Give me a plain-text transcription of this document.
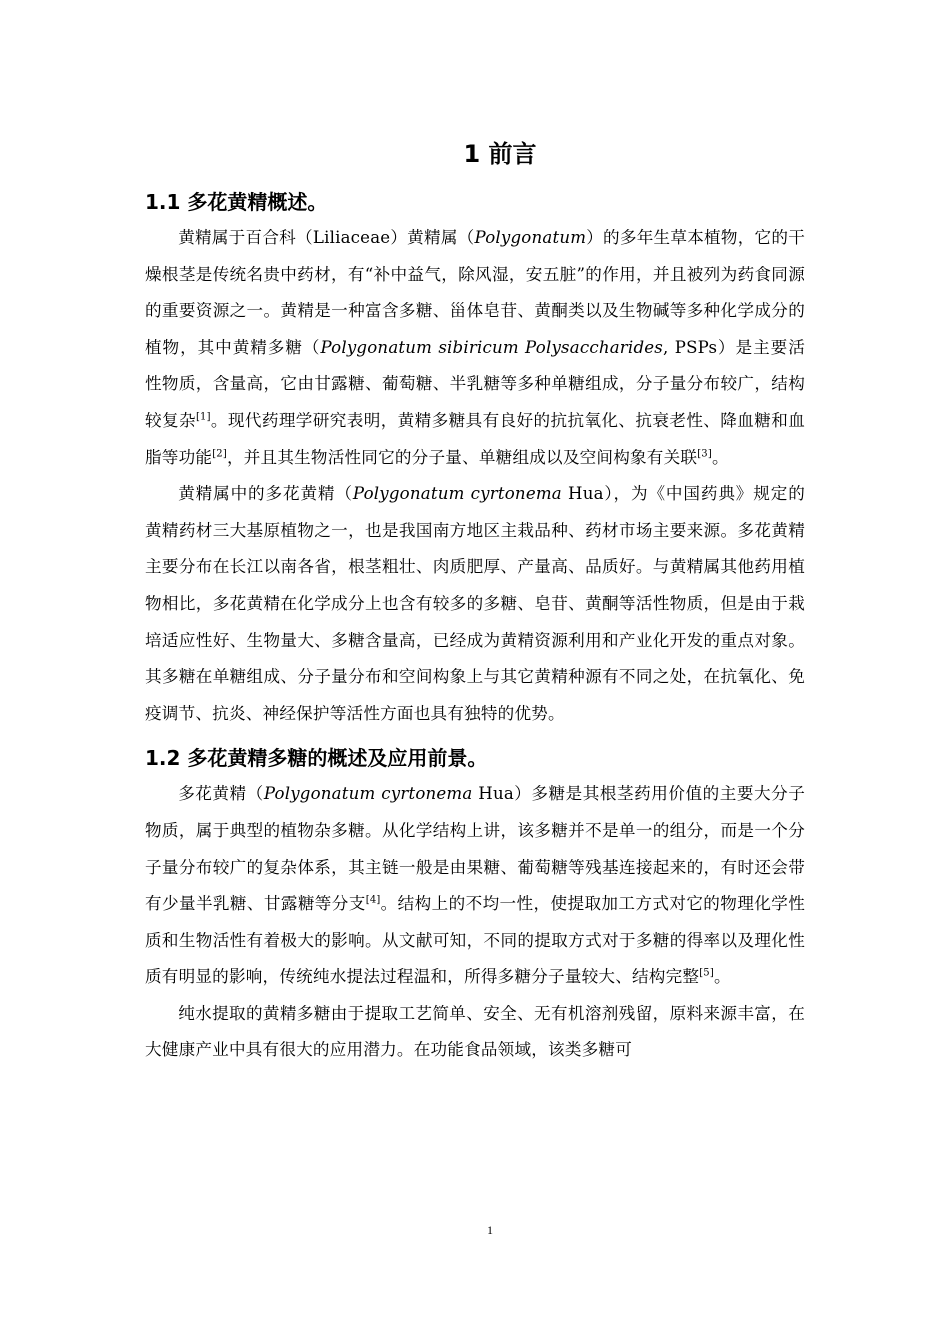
1 前言
1.1 多花黄精概述。

黄精属于百合科（Liliaceae）黄精属（Polygonatum）的多年生草本植物，它的干燥根茎是传统名贵中药材，有“补中益气，除风湿，安五脏”的作用，并且被列为药食同源的重要资源之一。黄精是一种富含多糖、甾体皂苷、黄酮类以及生物碱等多种化学成分的植物，其中黄精多糖（Polygonatum sibiricum Polysaccharides, PSPs）是主要活性物质，含量高，它由甘露糖、葡萄糖、半乳糖等多种单糖组成，分子量分布较广，结构较复杂[1]。现代药理学研究表明，黄精多糖具有良好的抗抗氧化、抗衰老性、降血糖和血脂等功能[2]，并且其生物活性同它的分子量、单糖组成以及空间构象有关联[3]。

黄精属中的多花黄精（Polygonatum cyrtonema Hua），为《中国药典》规定的黄精药材三大基原植物之一，也是我国南方地区主栽品种、药材市场主要来源。多花黄精主要分布在长江以南各省，根茎粗壮、肉质肥厚、产量高、品质好。与黄精属其他药用植物相比，多花黄精在化学成分上也含有较多的多糖、皂苷、黄酮等活性物质，但是由于栽培适应性好、生物量大、多糖含量高，已经成为黄精资源利用和产业化开发的重点对象。其多糖在单糖组成、分子量分布和空间构象上与其它黄精种源有不同之处，在抗氧化、免疫调节、抗炎、神经保护等活性方面也具有独特的优势。

1.2 多花黄精多糖的概述及应用前景。

多花黄精（Polygonatum cyrtonema Hua）多糖是其根茎药用价值的主要大分子物质，属于典型的植物杂多糖。从化学结构上讲，该多糖并不是单一的组分，而是一个分子量分布较广的复杂体系，其主链一般是由果糖、葡萄糖等残基连接起来的，有时还会带有少量半乳糖、甘露糖等分支[4]。结构上的不均一性，使提取加工方式对它的物理化学性质和生物活性有着极大的影响。从文献可知，不同的提取方式对于多糖的得率以及理化性质有明显的影响，传统纯水提法过程温和，所得多糖分子量较大、结构完整[5]。

纯水提取的黄精多糖由于提取工艺简单、安全、无有机溶剂残留，原料来源丰富，在大健康产业中具有很大的应用潜力。在功能食品领域，该类多糖可

1
